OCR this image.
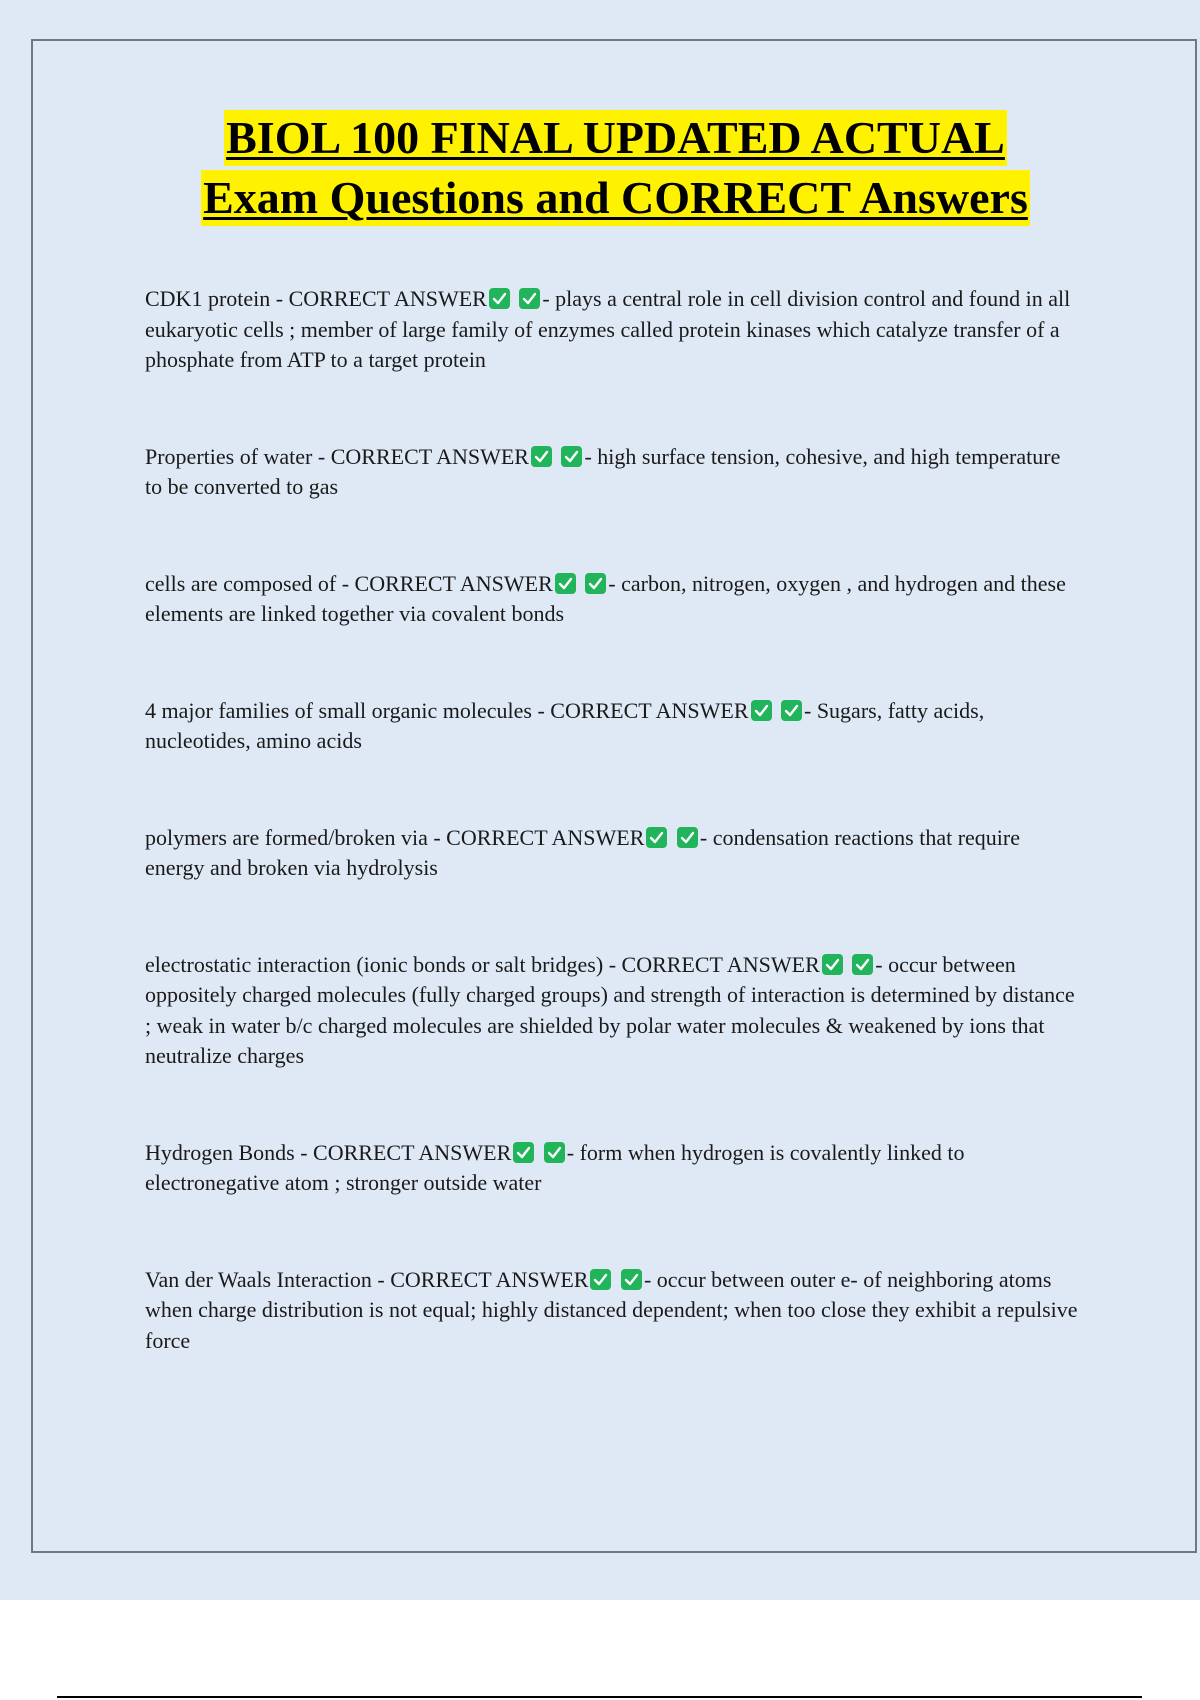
BIOL 100 FINAL UPDATED ACTUAL
Exam Questions and CORRECT Answers

CDK1 protein - CORRECT ANSWER
	- plays a central role in cell division control and found in all eukaryotic cells ; member of large family of enzymes called protein kinases which catalyze transfer of a phosphate from ATP to a target protein

Properties of water - CORRECT ANSWER
	- high surface tension, cohesive, and high temperature to be converted to gas

cells are composed of - CORRECT ANSWER
	- carbon, nitrogen, oxygen , and hydrogen and these elements are linked together via covalent bonds

4 major families of small organic molecules - CORRECT ANSWER
	- Sugars, fatty acids, nucleotides, amino acids

polymers are formed/broken via - CORRECT ANSWER
	- condensation reactions that require energy and broken via hydrolysis

electrostatic interaction (ionic bonds or salt bridges) - CORRECT ANSWER
	- occur between oppositely charged molecules (fully charged groups) and strength of interaction is determined by distance ; weak in water b/c charged molecules are shielded by polar water molecules & weakened by ions that neutralize charges

Hydrogen Bonds - CORRECT ANSWER
	- form when hydrogen is covalently linked to electronegative atom ; stronger outside water

Van der Waals Interaction - CORRECT ANSWER
	- occur between outer e- of neighboring atoms when charge distribution is not equal; highly distanced dependent; when too close they exhibit a repulsive force
